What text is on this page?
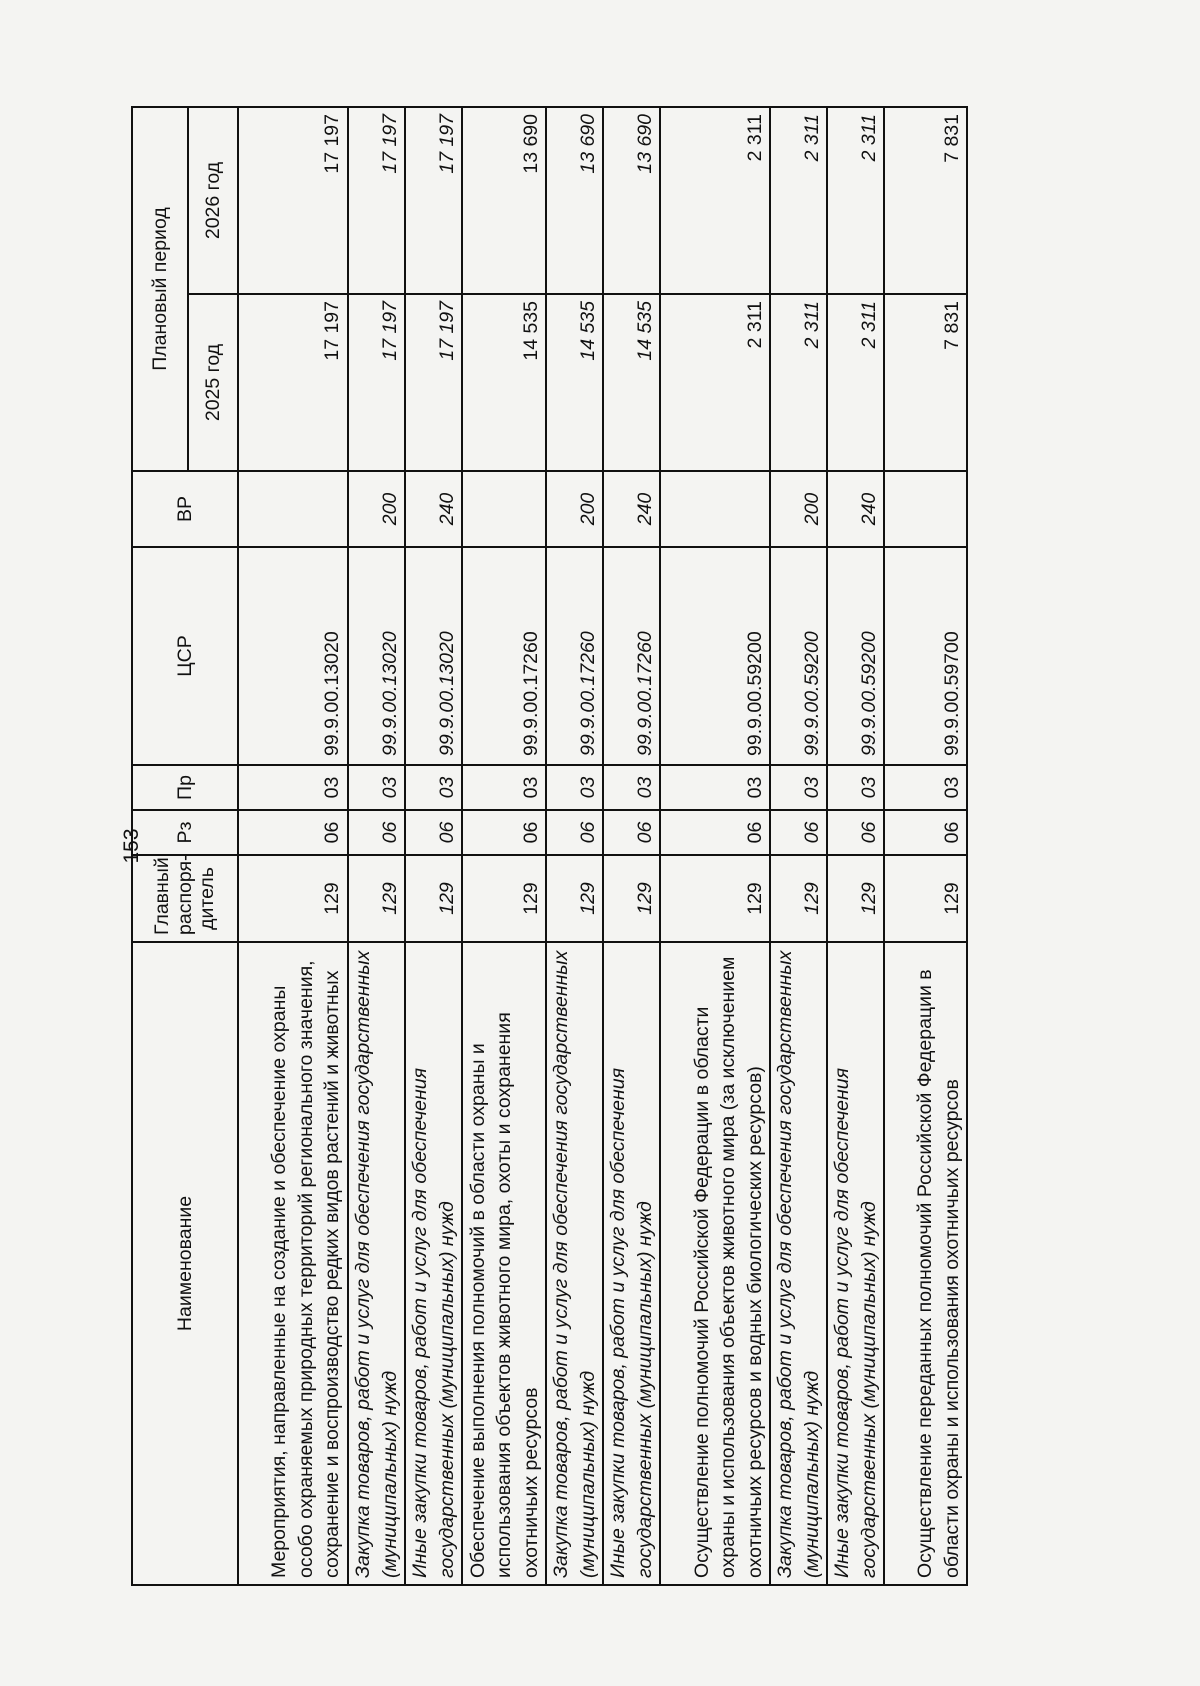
153
Наименование	Главный
распоря-
дитель	Рз	Пр	ЦСР	ВР	Плановый период	
						2025 год	2026 год
Мероприятия, направленные на создание и обеспечение охраны особо охраняемых природных территорий регионального значения, сохранение и воспроизводство редких видов растений и животных	129	06	03	99.9.00.13020		17 197	17 197
Закупка товаров, работ и услуг для обеспечения государственных (муниципальных) нужд	129	06	03	99.9.00.13020	200	17 197	17 197
Иные закупки товаров, работ и услуг для обеспечения государственных (муниципальных) нужд	129	06	03	99.9.00.13020	240	17 197	17 197
Обеспечение выполнения полномочий в области охраны и использования объектов животного мира, охоты и сохранения охотничьих ресурсов	129	06	03	99.9.00.17260		14 535	13 690
Закупка товаров, работ и услуг для обеспечения государственных (муниципальных) нужд	129	06	03	99.9.00.17260	200	14 535	13 690
Иные закупки товаров, работ и услуг для обеспечения государственных (муниципальных) нужд	129	06	03	99.9.00.17260	240	14 535	13 690
Осуществление полномочий Российской Федерации в области охраны и использования объектов животного мира (за исключением охотничьих ресурсов и водных биологических ресурсов)	129	06	03	99.9.00.59200		2 311	2 311
Закупка товаров, работ и услуг для обеспечения государственных (муниципальных) нужд	129	06	03	99.9.00.59200	200	2 311	2 311
Иные закупки товаров, работ и услуг для обеспечения государственных (муниципальных) нужд	129	06	03	99.9.00.59200	240	2 311	2 311
Осуществление переданных полномочий Российской Федерации в области охраны и использования охотничьих ресурсов	129	06	03	99.9.00.59700		7 831	7 831
